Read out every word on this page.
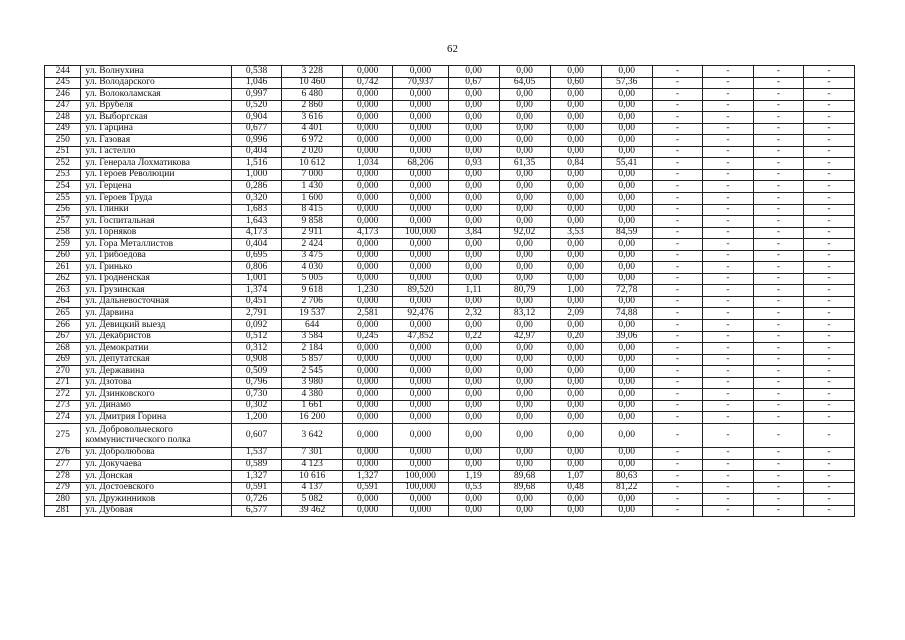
62
244	ул. Волнухина	0,538	3 228	0,000	0,000	0,00	0,00	0,00	0,00	-	-	-	-
245	ул. Володарского	1,046	10 460	0,742	70,937	0,67	64,05	0,60	57,36	-	-	-	-
246	ул. Волоколамская	0,997	6 480	0,000	0,000	0,00	0,00	0,00	0,00	-	-	-	-
247	ул. Врубеля	0,520	2 860	0,000	0,000	0,00	0,00	0,00	0,00	-	-	-	-
248	ул. Выборгская	0,904	3 616	0,000	0,000	0,00	0,00	0,00	0,00	-	-	-	-
249	ул. Гарцина	0,677	4 401	0,000	0,000	0,00	0,00	0,00	0,00	-	-	-	-
250	ул. Газовая	0,996	6 972	0,000	0,000	0,00	0,00	0,00	0,00	-	-	-	-
251	ул. Гастелло	0,404	2 020	0,000	0,000	0,00	0,00	0,00	0,00	-	-	-	-
252	ул. Генерала Лохматикова	1,516	10 612	1,034	68,206	0,93	61,35	0,84	55,41	-	-	-	-
253	ул. Героев Революции	1,000	7 000	0,000	0,000	0,00	0,00	0,00	0,00	-	-	-	-
254	ул. Герцена	0,286	1 430	0,000	0,000	0,00	0,00	0,00	0,00	-	-	-	-
255	ул. Героев Труда	0,320	1 600	0,000	0,000	0,00	0,00	0,00	0,00	-	-	-	-
256	ул. Глинки	1,683	8 415	0,000	0,000	0,00	0,00	0,00	0,00	-	-	-	-
257	ул. Госпитальная	1,643	9 858	0,000	0,000	0,00	0,00	0,00	0,00	-	-	-	-
258	ул. Горняков	4,173	2 911	4,173	100,000	3,84	92,02	3,53	84,59	-	-	-	-
259	ул. Гора Металлистов	0,404	2 424	0,000	0,000	0,00	0,00	0,00	0,00	-	-	-	-
260	ул. Грибоедова	0,695	3 475	0,000	0,000	0,00	0,00	0,00	0,00	-	-	-	-
261	ул. Гринько	0,806	4 030	0,000	0,000	0,00	0,00	0,00	0,00	-	-	-	-
262	ул. Гродненская	1,001	5 005	0,000	0,000	0,00	0,00	0,00	0,00	-	-	-	-
263	ул. Грузинская	1,374	9 618	1,230	89,520	1,11	80,79	1,00	72,78	-	-	-	-
264	ул. Дальневосточная	0,451	2 706	0,000	0,000	0,00	0,00	0,00	0,00	-	-	-	-
265	ул. Дарвина	2,791	19 537	2,581	92,476	2,32	83,12	2,09	74,88	-	-	-	-
266	ул. Девицкий выезд	0,092	644	0,000	0,000	0,00	0,00	0,00	0,00	-	-	-	-
267	ул. Декабристов	0,512	3 584	0,245	47,852	0,22	42,97	0,20	39,06	-	-	-	-
268	ул. Демократии	0,312	2 184	0,000	0,000	0,00	0,00	0,00	0,00	-	-	-	-
269	ул. Депутатская	0,908	5 857	0,000	0,000	0,00	0,00	0,00	0,00	-	-	-	-
270	ул. Державина	0,509	2 545	0,000	0,000	0,00	0,00	0,00	0,00	-	-	-	-
271	ул. Дзотова	0,796	3 980	0,000	0,000	0,00	0,00	0,00	0,00	-	-	-	-
272	ул. Дзинковского	0,730	4 380	0,000	0,000	0,00	0,00	0,00	0,00	-	-	-	-
273	ул. Динамо	0,302	1 661	0,000	0,000	0,00	0,00	0,00	0,00	-	-	-	-
274	ул. Дмитрия Горина	1,200	16 200	0,000	0,000	0,00	0,00	0,00	0,00	-	-	-	-
275	ул. Добровольческого коммунистического полка	0,607	3 642	0,000	0,000	0,00	0,00	0,00	0,00	-	-	-	-
276	ул. Добролюбова	1,537	7 301	0,000	0,000	0,00	0,00	0,00	0,00	-	-	-	-
277	ул. Докучаева	0,589	4 123	0,000	0,000	0,00	0,00	0,00	0,00	-	-	-	-
278	ул. Донская	1,327	10 616	1,327	100,000	1,19	89,68	1,07	80,63	-	-	-	-
279	ул. Достоевского	0,591	4 137	0,591	100,000	0,53	89,68	0,48	81,22	-	-	-	-
280	ул. Дружинников	0,726	5 082	0,000	0,000	0,00	0,00	0,00	0,00	-	-	-	-
281	ул. Дубовая	6,577	39 462	0,000	0,000	0,00	0,00	0,00	0,00	-	-	-	-
